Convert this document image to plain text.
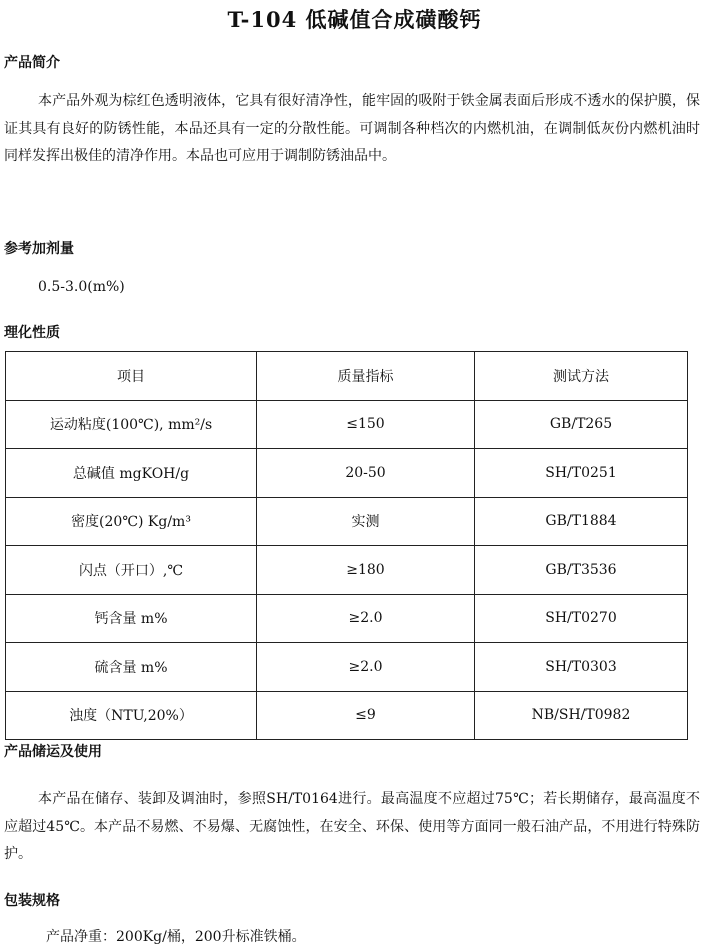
T-104 低碱值合成磺酸钙
产品简介

本产品外观为棕红色透明液体，它具有很好清净性，能牢固的吸附于铁金属表面后形成不透水的保护膜，保证其具有良好的防锈性能，本品还具有一定的分散性能。可调制各种档次的内燃机油，在调制低灰份内燃机油时同样发挥出极佳的清净作用。本品也可应用于调制防锈油品中。

参考加剂量
0.5-3.0(m%)
理化性质
项目	质量指标	测试方法
运动粘度(100℃), mm²/s	≤150	GB/T265
总碱值 mgKOH/g	20-50	SH/T0251
密度(20℃) Kg/m³	实测	GB/T1884
闪点（开口）,℃	≥180	GB/T3536
钙含量 m%	≥2.0	SH/T0270
硫含量 m%	≥2.0	SH/T0303
浊度（NTU,20%）	≤9	NB/SH/T0982
产品储运及使用

本产品在储存、装卸及调油时，参照SH/T0164进行。最高温度不应超过75℃；若长期储存，最高温度不应超过45℃。本产品不易燃、不易爆、无腐蚀性，在安全、环保、使用等方面同一般石油产品，不用进行特殊防护。

包装规格
产品净重：200Kg/桶，200升标准铁桶。
